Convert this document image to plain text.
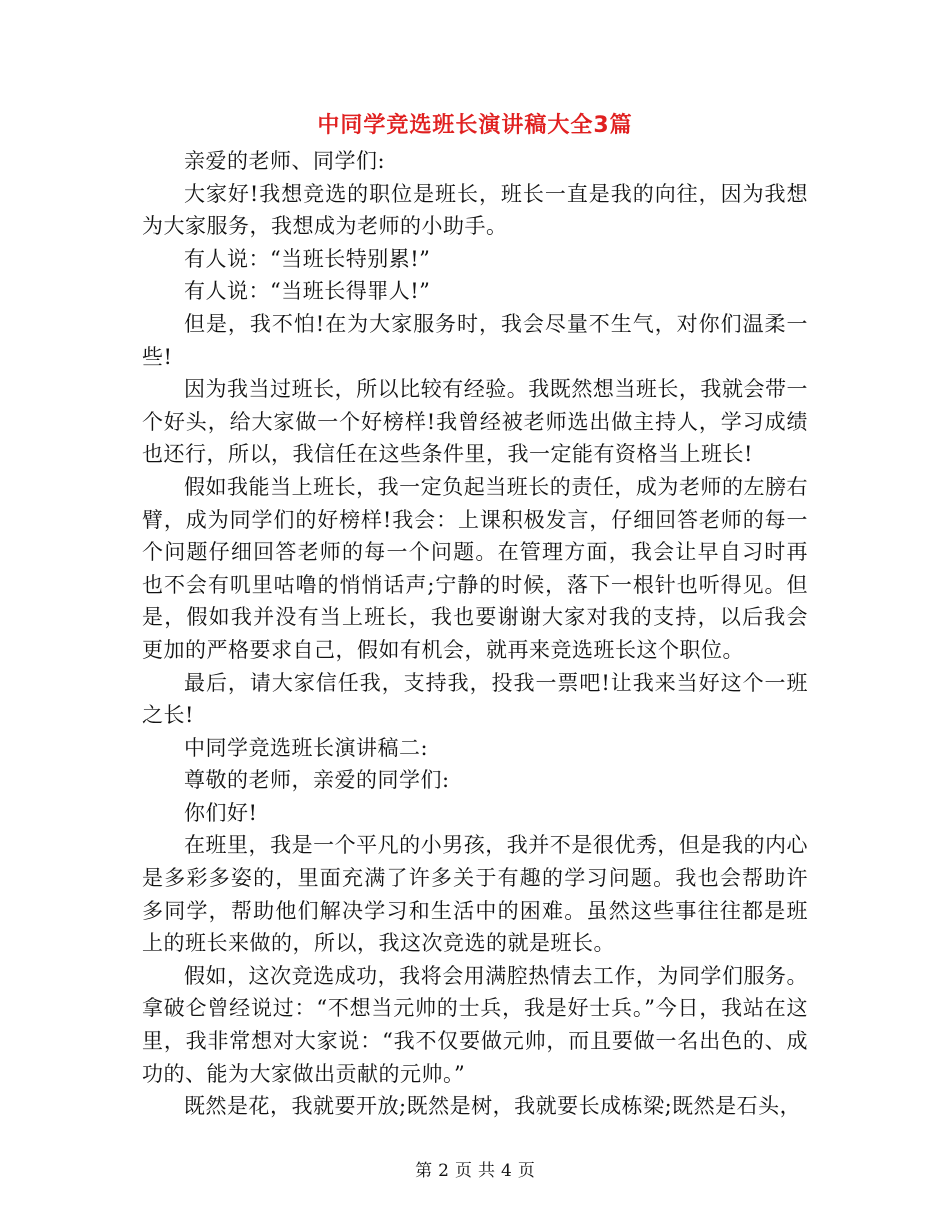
中同学竞选班长演讲稿大全3篇

亲爱的老师、同学们:

大家好!我想竞选的职位是班长，班长一直是我的向往，因为我想为大家服务，我想成为老师的小助手。

有人说：“当班长特别累!”

有人说：“当班长得罪人!”

但是，我不怕!在为大家服务时，我会尽量不生气，对你们温柔一些!

因为我当过班长，所以比较有经验。我既然想当班长，我就会带一个好头，给大家做一个好榜样!我曾经被老师选出做主持人，学习成绩也还行，所以，我信任在这些条件里，我一定能有资格当上班长!

假如我能当上班长，我一定负起当班长的责任，成为老师的左膀右臂，成为同学们的好榜样!我会：上课积极发言，仔细回答老师的每一个问题仔细回答老师的每一个问题。在管理方面，我会让早自习时再也不会有叽里咕噜的悄悄话声;宁静的时候，落下一根针也听得见。但是，假如我并没有当上班长，我也要谢谢大家对我的支持，以后我会更加的严格要求自己，假如有机会，就再来竞选班长这个职位。

最后，请大家信任我，支持我，投我一票吧!让我来当好这个一班之长!

中同学竞选班长演讲稿二:

尊敬的老师，亲爱的同学们:

你们好!

在班里，我是一个平凡的小男孩，我并不是很优秀，但是我的内心是多彩多姿的，里面充满了许多关于有趣的学习问题。我也会帮助许多同学，帮助他们解决学习和生活中的困难。虽然这些事往往都是班上的班长来做的，所以，我这次竞选的就是班长。

假如，这次竞选成功，我将会用满腔热情去工作，为同学们服务。拿破仑曾经说过：“不想当元帅的士兵，我是好士兵。”今日，我站在这里，我非常想对大家说：“我不仅要做元帅，而且要做一名出色的、成功的、能为大家做出贡献的元帅。”

既然是花，我就要开放;既然是树，我就要长成栋梁;既然是石头，

第 2 页 共 4 页
